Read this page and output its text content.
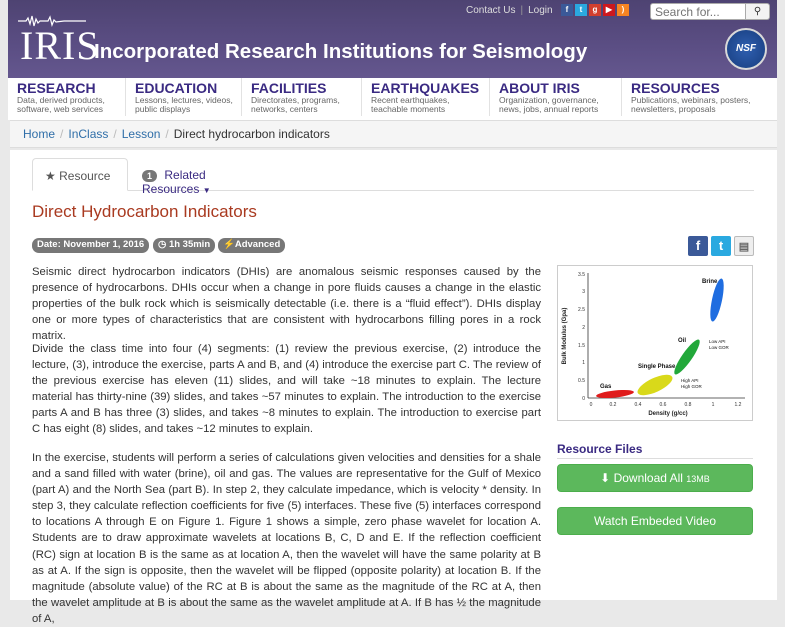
IRIS
Incorporated Research Institutions for Seismology
Contact Us | Login	f	t	g	▶	)
Search for...	⚲
NSF
RESEARCH
Data, derived products, software, web services
EDUCATION
Lessons, lectures, videos, public displays
FACILITIES
Directorates, programs, networks, centers
EARTHQUAKES
Recent earthquakes, teachable moments
ABOUT IRIS
Organization, governance, news, jobs, annual reports
RESOURCES
Publications, webinars, posters, newsletters, proposals
Home / InClass / Lesson / Direct hydrocarbon indicators
★ Resource	1 Related Resources ▼
Direct Hydrocarbon Indicators
Date: November 1, 2016	◷ 1h 35min	⚡Advanced	f	t	▤

Seismic direct hydrocarbon indicators (DHIs) are anomalous seismic responses caused by the presence of hydrocarbons. DHIs occur when a change in pore fluids causes a change in the elastic properties of the bulk rock which is seismically detectable (i.e. there is a “fluid effect”). DHIs display one or more types of characteristics that are consistent with hydrocarbons filling pores in a rock matrix.

Divide the class time into four (4) segments: (1) review the previous exercise, (2) introduce the lecture, (3), introduce the exercise, parts A and B, and (4) introduce the exercise part C. The review of the previous exercise has eleven (11) slides, and will take ~18 minutes to explain. The lecture material has thirty-nine (39) slides, and takes ~57 minutes to explain. The introduction to the exercise parts A and B has three (3) slides, and takes ~8 minutes to explain. The introduction to exercise part C has eight (8) slides, and takes ~12 minutes to explain.

In the exercise, students will perform a series of calculations given velocities and densities for a shale and a sand filled with water (brine), oil and gas. The values are representative for the Gulf of Mexico (part A) and the North Sea (part B). In step 2, they calculate impedance, which is velocity * density. In step 3, they calculate reflection coefficients for five (5) interfaces. These five (5) interfaces correspond to locations A through E on Figure 1. Figure 1 shows a simple, zero phase wavelet for location A. Students are to draw approximate wavelets at locations B, C, D and E. If the reflection coefficient (RC) sign at location B is the same as at location A, then the wavelet will have the same polarity at B as at A. If the sign is opposite, then the wavelet will be flipped (opposite polarity) at location B. If the magnitude (absolute value) of the RC at B is about the same as the magnitude of the RC at A, then the wavelet amplitude at B is about the same as the wavelet amplitude at A. If B has ½ the magnitude of A,

Bulk Modulus (Gpa)
0
0.5
1
1.5
2
2.5
3
3.5
0	0.2	0.4	0.6	0.8	1	1.2
Density (g/cc)
Brine
Oil	Low API
Low GOR
High API
High GOR
Gas
Single Phase
Resource Files
⬇ Download All 13MB
Watch Embeded Video
